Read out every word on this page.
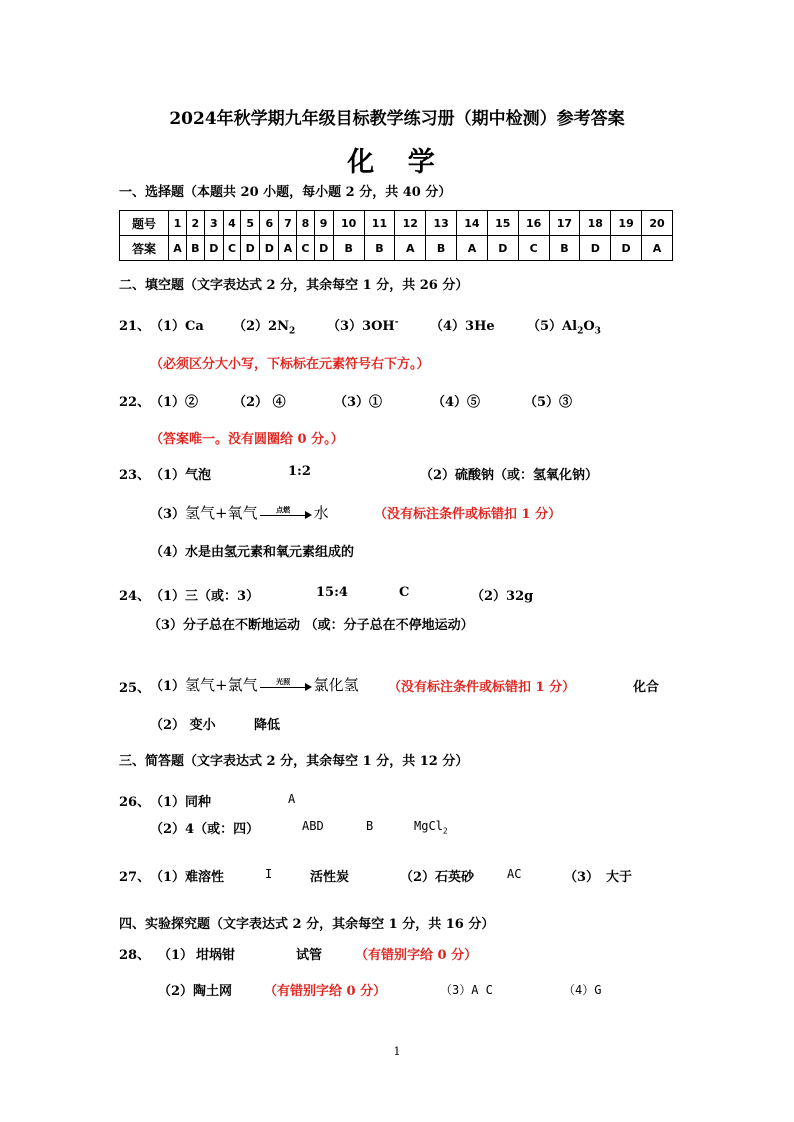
2024年秋学期九年级目标教学练习册（期中检测）参考答案
化 学
一、选择题（本题共 20 小题，每小题 2 分，共 40 分）
题号	1	2	3	4	5	6	7	8	9	10	11	12	13	14	15	16	17	18	19	20
答案	A	B	D	C	D	D	A	C	D	B	B	A	B	A	D	C	B	D	D	A
二、填空题（文字表达式 2 分，其余每空 1 分，共 26 分）
21、 （1）Ca $(2)2N_2$ （3）3OH- （4）3He $(5)Al_2O_3$
（必须区分大小写，下标标在元素符号右下方。）
22、 （1）②	（2） ④	（3）①	（4）⑤	（5）③
（答案唯一。没有圆圈给 0 分。）
23、 （1）气泡	1:2	（2）硫酸钠（或：氢氧化钠）
（3）氢气+氧气	点燃	水	（没有标注条件或标错扣 1 分）
（4）水是由氢元素和氧元素组成的
24、 （1）三（或：3）	15:4	C	（2）32g
（3）分子总在不断地运动 （或：分子总在不停地运动）
25、 （1）氢气+氯气	光照	氯化氢 （没有标注条件或标错扣 1 分）	化合
（2） 变小	降低
三、简答题（文字表达式 2 分，其余每空 1 分，共 12 分）
26、 （1）同种	A
（2）4（或：四）	ABD	B	MgCl$_2$
27、 （1）难溶性	I	活性炭	（2）石英砂	AC	（3） 大于
四、实验探究题（文字表达式 2 分，其余每空 1 分，共 16 分）
28、 （1） 坩埚钳	试管	（有错别字给 0 分）
（2）陶土网 （有错别字给 0 分）	（3）A C	（4）G
1
